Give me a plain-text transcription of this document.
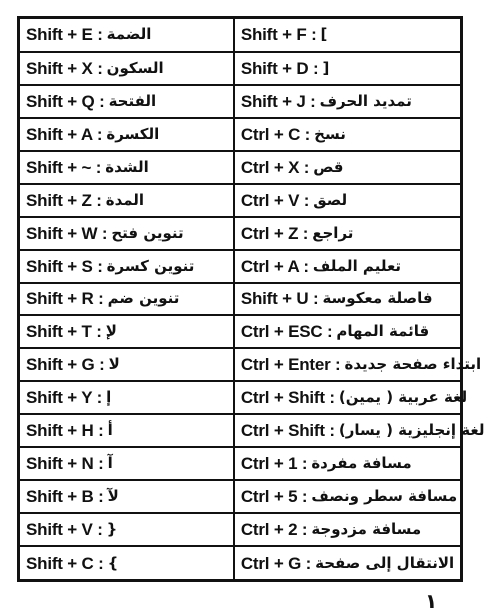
Shift + E : الضمة	Shift + F : ]

Shift + X : السكون	Shift + D : [

Shift + Q : الفتحة	Shift + J : تمديد الحرف

Shift + A : الكسرة	Ctrl + C : نسخ

Shift + ~ : الشدة	Ctrl + X : قص

Shift + Z : المدة	Ctrl + V : لصق

Shift + W : تنوين فتح	Ctrl + Z : تراجع

Shift + S : تنوين كسرة	Ctrl + A : تعليم الملف

Shift + R : تنوين ضم	Shift + U : فاصلة معكوسة

Shift + T : لإ	Ctrl + ESC : قائمة المهام

Shift + G : لا	Ctrl + Enter : ابتداء صفحة جديدة

Shift + Y : إ	Ctrl + Shift : لغة عربية ( يمين)

Shift + H : أ	Ctrl + Shift : لغة إنجليزية ( يسار)

Shift + N : آ	Ctrl + 1 : مسافة مفردة

Shift + B : لآ	Ctrl + 5 : مسافة سطر ونصف

Shift + V : {	Ctrl + 2 : مسافة مزدوجة

Shift + C : }	Ctrl + G : الانتقال إلى صفحة
١
